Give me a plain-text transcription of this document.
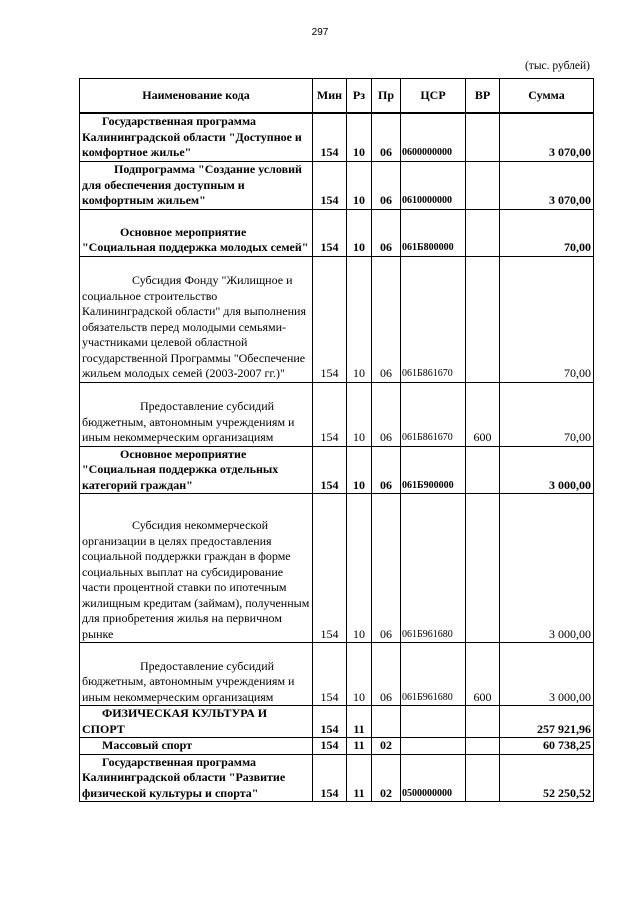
297
(тыс. рублей)
Наименование кода	Мин	Рз	Пр	ЦСР	ВР	Сумма
Государственная программа Калининградской области "Доступное и комфортное жилье"	154	10	06	0600000000		3 070,00
Подпрограмма "Создание условий для обеспечения доступным и комфортным жильем"	154	10	06	0610000000		3 070,00
Основное мероприятие "Социальная поддержка молодых семей"	154	10	06	061Б800000		70,00
Субсидия Фонду "Жилищное и социальное строительство Калининградской области" для выполнения обязательств перед молодыми семьями-участниками целевой областной государственной Программы "Обеспечение жильем молодых семей (2003-2007 гг.)"	154	10	06	061Б861670		70,00
Предоставление субсидий бюджетным, автономным учреждениям и иным некоммерческим организациям	154	10	06	061Б861670	600	70,00
Основное мероприятие "Социальная поддержка отдельных категорий граждан"	154	10	06	061Б900000		3 000,00
Субсидия некоммерческой организации в целях предоставления социальной поддержки граждан в форме социальных выплат на субсидирование части процентной ставки по ипотечным жилищным кредитам (займам), полученным для приобретения жилья на первичном рынке	154	10	06	061Б961680		3 000,00
Предоставление субсидий бюджетным, автономным учреждениям и иным некоммерческим организациям	154	10	06	061Б961680	600	3 000,00
ФИЗИЧЕСКАЯ КУЛЬТУРА И СПОРТ	154	11				257 921,96
Массовый спорт	154	11	02			60 738,25
Государственная программа Калининградской области "Развитие физической культуры и спорта"	154	11	02	0500000000		52 250,52
